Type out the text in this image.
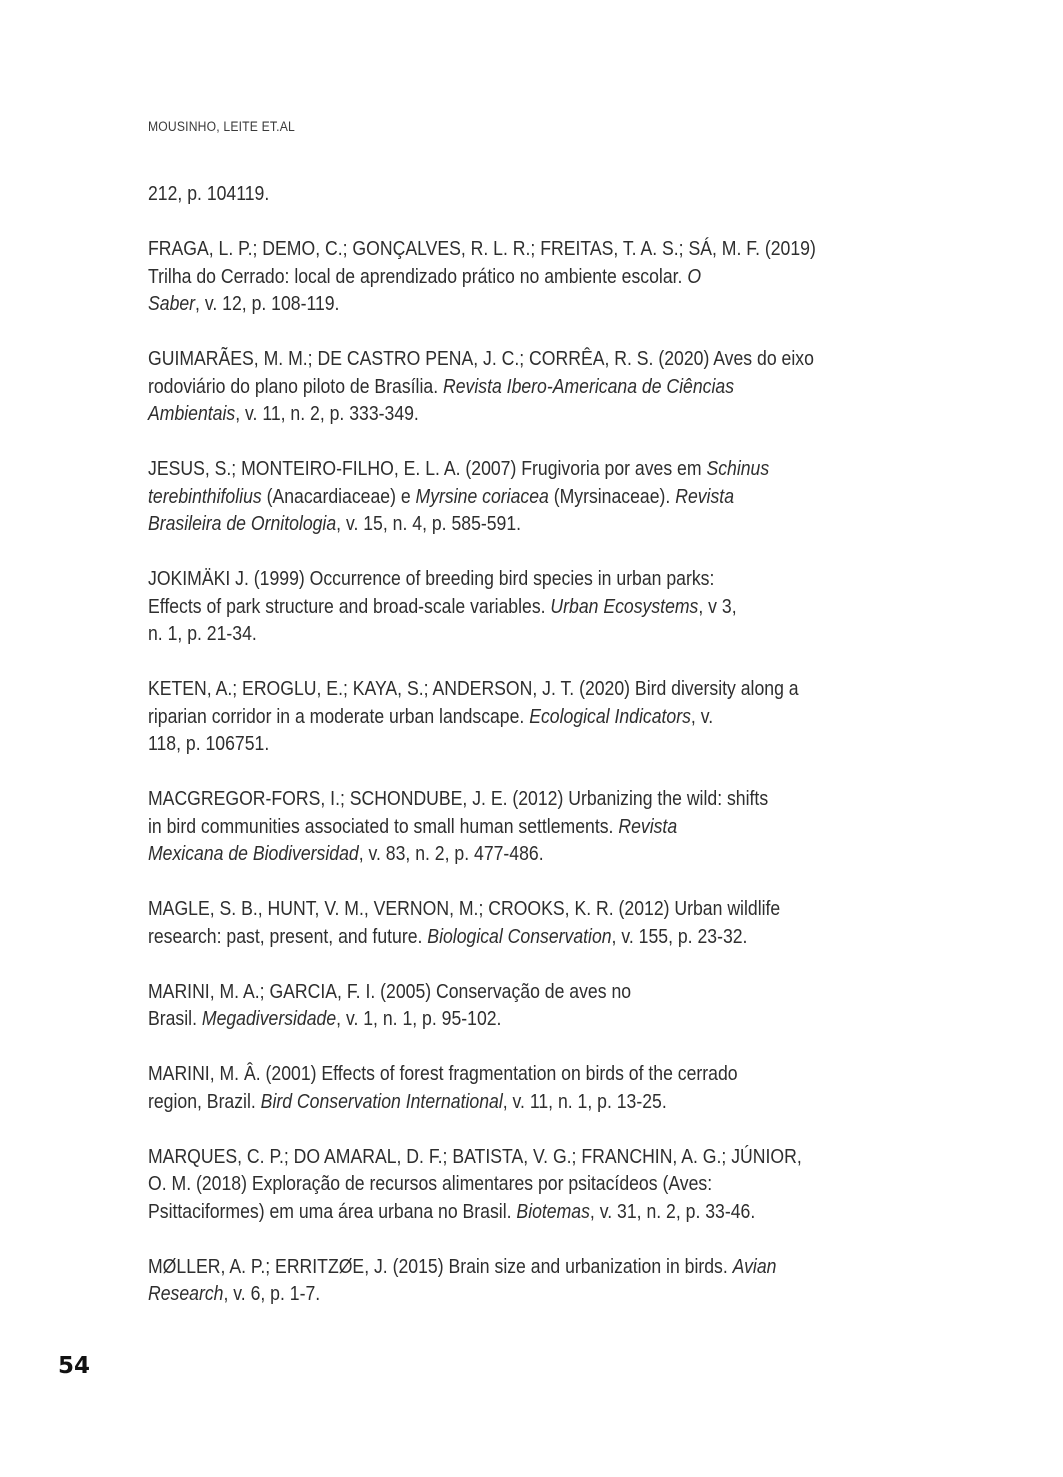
MOUSINHO, LEITE ET.AL
212, p. 104119.
FRAGA, L. P.; DEMO, C.; GONÇALVES, R. L. R.; FREITAS, T. A. S.; SÁ, M. F. (2019)
Trilha do Cerrado: local de aprendizado prático no ambiente escolar. O
Saber, v. 12, p. 108-119.
GUIMARÃES, M. M.; DE CASTRO PENA, J. C.; CORRÊA, R. S. (2020) Aves do eixo
rodoviário do plano piloto de Brasília. Revista Ibero-Americana de Ciências
Ambientais, v. 11, n. 2, p. 333-349.
JESUS, S.; MONTEIRO-FILHO, E. L. A. (2007) Frugivoria por aves em Schinus
terebinthifolius (Anacardiaceae) e Myrsine coriacea (Myrsinaceae). Revista
Brasileira de Ornitologia, v. 15, n. 4, p. 585-591.
JOKIMÄKI J. (1999) Occurrence of breeding bird species in urban parks:
Effects of park structure and broad-scale variables. Urban Ecosystems, v 3,
n. 1, p. 21-34.
KETEN, A.; EROGLU, E.; KAYA, S.; ANDERSON, J. T. (2020) Bird diversity along a
riparian corridor in a moderate urban landscape. Ecological Indicators, v.
118, p. 106751.
MACGREGOR-FORS, I.; SCHONDUBE, J. E. (2012) Urbanizing the wild: shifts
in bird communities associated to small human settlements. Revista
Mexicana de Biodiversidad, v. 83, n. 2, p. 477-486.
MAGLE, S. B., HUNT, V. M., VERNON, M.; CROOKS, K. R. (2012) Urban wildlife
research: past, present, and future. Biological Conservation, v. 155, p. 23-32.
MARINI, M. A.; GARCIA, F. I. (2005) Conservação de aves no
Brasil. Megadiversidade, v. 1, n. 1, p. 95-102.
MARINI, M. Â. (2001) Effects of forest fragmentation on birds of the cerrado
region, Brazil. Bird Conservation International, v. 11, n. 1, p. 13-25.
MARQUES, C. P.; DO AMARAL, D. F.; BATISTA, V. G.; FRANCHIN, A. G.; JÚNIOR,
O. M. (2018) Exploração de recursos alimentares por psitacídeos (Aves:
Psittaciformes) em uma área urbana no Brasil. Biotemas, v. 31, n. 2, p. 33-46.
MØLLER, A. P.; ERRITZØE, J. (2015) Brain size and urbanization in birds. Avian
Research, v. 6, p. 1-7.
54
